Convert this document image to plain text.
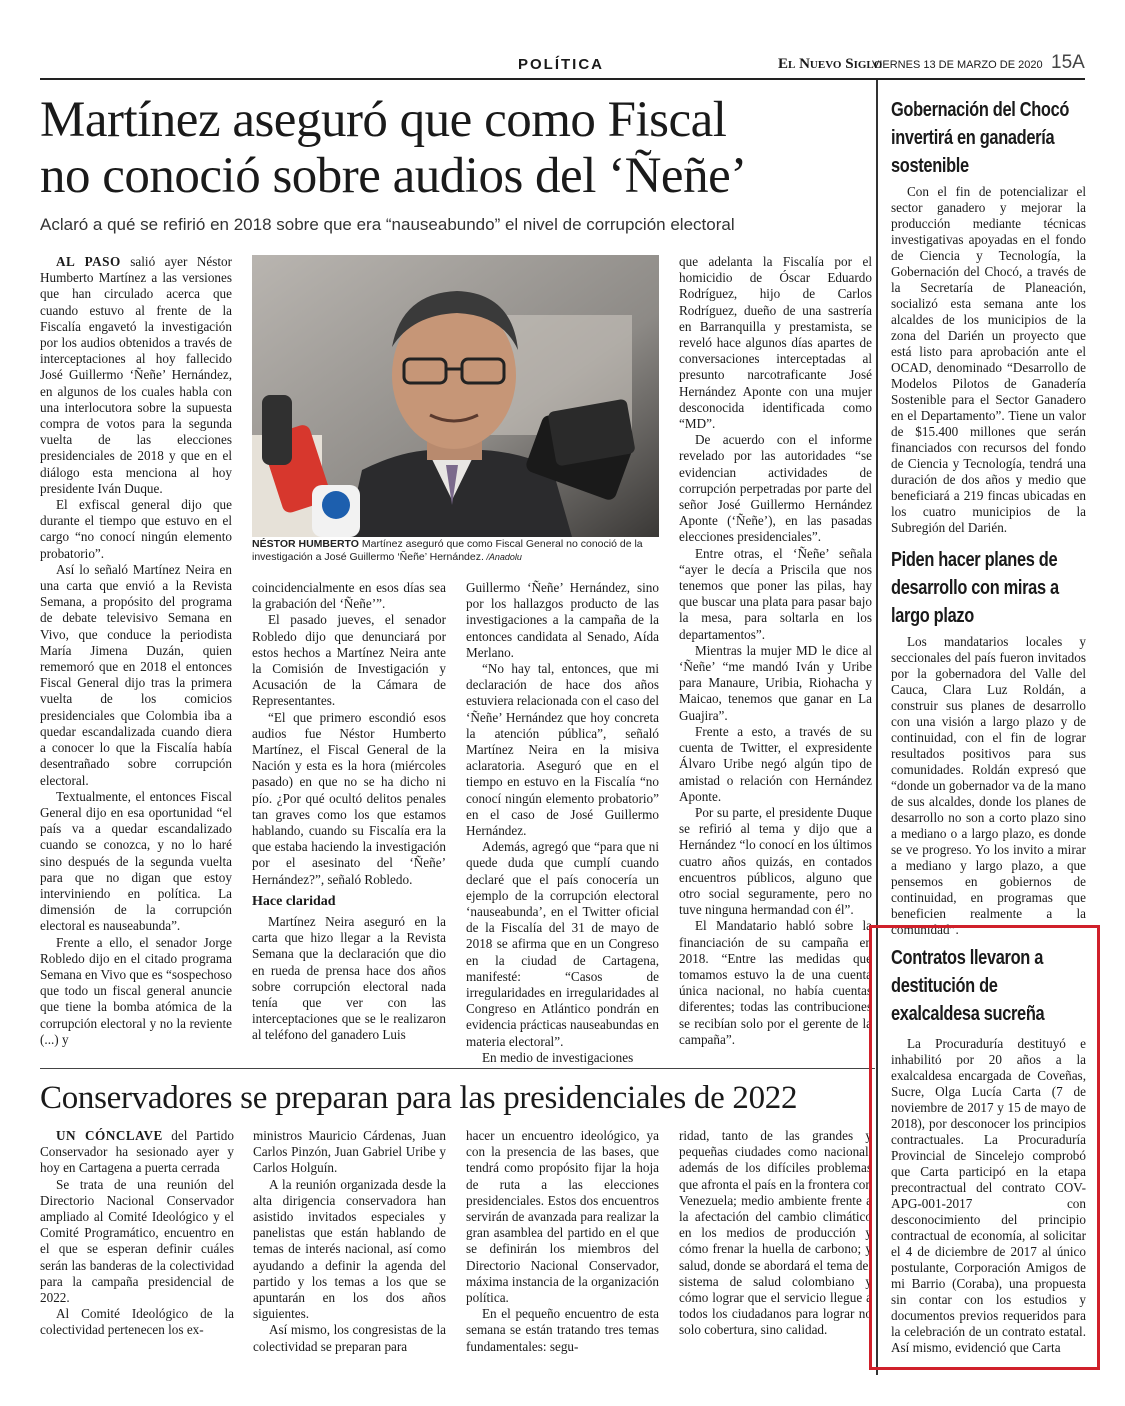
POLÍTICA	El Nuevo Siglo
VIERNES 13 DE MARZO DE 2020 15A
Martínez aseguró que como Fiscal
no conoció sobre audios del ‘Ñeñe’
Aclaró a qué se refirió en 2018 sobre que era “nauseabundo” el nivel de corrupción electoral
NÉSTOR HUMBERTO Martínez aseguró que como Fiscal General no conoció de la investigación a José Guillermo ‘Ñeñe’ Hernández. /Anadolu

AL PASO salió ayer Néstor Humberto Martínez a las versiones que han circulado acerca que cuando estuvo al frente de la Fiscalía engavetó la investigación por los audios obtenidos a través de interceptaciones al hoy fallecido José Guillermo ‘Ñeñe’ Hernández, en algunos de los cuales habla con una interlocutora sobre la supuesta compra de votos para la segunda vuelta de las elecciones presidenciales de 2018 y que en el diálogo esta menciona al hoy presidente Iván Duque.

El exfiscal general dijo que durante el tiempo que estuvo en el cargo “no conocí ningún elemento probatorio”.

Así lo señaló Martínez Neira en una carta que envió a la Revista Semana, a propósito del programa de debate televisivo Semana en Vivo, que conduce la periodista María Jimena Duzán, quien rememoró que en 2018 el entonces Fiscal General dijo tras la primera vuelta de los comicios presidenciales que Colombia iba a quedar escandalizada cuando diera a conocer lo que la Fiscalía había desentrañado sobre corrupción electoral.

Textualmente, el entonces Fiscal General dijo en esa oportunidad “el país va a quedar escandalizado cuando se conozca, y no lo haré sino después de la segunda vuelta para que no digan que estoy interviniendo en política. La dimensión de la corrupción electoral es nauseabunda”.

Frente a ello, el senador Jorge Robledo dijo en el citado programa Semana en Vivo que es “sospechoso que todo un fiscal general anuncie que tiene la bomba atómica de la corrupción electoral y no la reviente (...) y

coincidencialmente en esos días sea la grabación del ‘Ñeñe’”.

El pasado jueves, el senador Robledo dijo que denunciará por estos hechos a Martínez Neira ante la Comisión de Investigación y Acusación de la Cámara de Representantes.

“El que primero escondió esos audios fue Néstor Humberto Martínez, el Fiscal General de la Nación y esta es la hora (miércoles pasado) en que no se ha dicho ni pío. ¿Por qué ocultó delitos penales tan graves como los que estamos hablando, cuando su Fiscalía era la que estaba haciendo la investigación por el asesinato del ‘Ñeñe’ Hernández?”, señaló Robledo.

Hace claridad

Martínez Neira aseguró en la carta que hizo llegar a la Revista Semana que la declaración que dio en rueda de prensa hace dos años sobre corrupción electoral nada tenía que ver con las interceptaciones que se le realizaron al teléfono del ganadero Luis

Guillermo ‘Ñeñe’ Hernández, sino por los hallazgos producto de las investigaciones a la campaña de la entonces candidata al Senado, Aída Merlano.

“No hay tal, entonces, que mi declaración de hace dos años estuviera relacionada con el caso del ‘Ñeñe’ Hernández que hoy concreta la atención pública”, señaló Martínez Neira en la misiva aclaratoria. Aseguró que en el tiempo en estuvo en la Fiscalía “no conocí ningún elemento probatorio” en el caso de José Guillermo Hernández.

Además, agregó que “para que ni quede duda que cumplí cuando declaré que el país conocería un ejemplo de la corrupción electoral ‘nauseabunda’, en el Twitter oficial de la Fiscalía del 31 de mayo de 2018 se afirma que en un Congreso en la ciudad de Cartagena, manifesté: “Casos de irregularidades en irregularidades al Congreso en Atlántico pondrán en evidencia prácticas nauseabundas en materia electoral”.

En medio de investigaciones

que adelanta la Fiscalía por el homicidio de Óscar Eduardo Rodríguez, hijo de Carlos Rodríguez, dueño de una sastrería en Barranquilla y prestamista, se reveló hace algunos días apartes de conversaciones interceptadas al presunto narcotraficante José Hernández Aponte con una mujer desconocida identificada como “MD”.

De acuerdo con el informe revelado por las autoridades “se evidencian actividades de corrupción perpetradas por parte del señor José Guillermo Hernández Aponte (‘Ñeñe’), en las pasadas elecciones presidenciales”.

Entre otras, el ‘Ñeñe’ señala “ayer le decía a Priscila que nos tenemos que poner las pilas, hay que buscar una plata para pasar bajo la mesa, para soltarla en los departamentos”.

Mientras la mujer MD le dice al ‘Ñeñe’ “me mandó Iván y Uribe para Manaure, Uribia, Riohacha y Maicao, tenemos que ganar en La Guajira”.

Frente a esto, a través de su cuenta de Twitter, el expresidente Álvaro Uribe negó algún tipo de amistad o relación con Hernández Aponte.

Por su parte, el presidente Duque se refirió al tema y dijo que a Hernández “lo conocí en los últimos cuatro años quizás, en contados encuentros públicos, alguno que otro social seguramente, pero no tuve ninguna hermandad con él”.

El Mandatario habló sobre la financiación de su campaña en 2018. “Entre las medidas que tomamos estuvo la de una cuenta única nacional, no había cuentas diferentes; todas las contribuciones se recibían solo por el gerente de la campaña”.

Conservadores se preparan para las presidenciales de 2022

UN CÓNCLAVE del Partido Conservador ha sesionado ayer y hoy en Cartagena a puerta cerrada

Se trata de una reunión del Directorio Nacional Conservador ampliado al Comité Ideológico y el Comité Programático, encuentro en el que se esperan definir cuáles serán las banderas de la colectividad para la campaña presidencial de 2022.

Al Comité Ideológico de la colectividad pertenecen los ex-

ministros Mauricio Cárdenas, Juan Carlos Pinzón, Juan Gabriel Uribe y Carlos Holguín.

A la reunión organizada desde la alta dirigencia conservadora han asistido invitados especiales y panelistas que están hablando de temas de interés nacional, así como ayudando a definir la agenda del partido y los temas a los que se apuntarán en los dos años siguientes.

Así mismo, los congresistas de la colectividad se preparan para

hacer un encuentro ideológico, ya con la presencia de las bases, que tendrá como propósito fijar la hoja de ruta a las elecciones presidenciales. Estos dos encuentros servirán de avanzada para realizar la gran asamblea del partido en el que se definirán los miembros del Directorio Nacional Conservador, máxima instancia de la organización política.

En el pequeño encuentro de esta semana se están tratando tres temas fundamentales: segu-

ridad, tanto de las grandes y pequeñas ciudades como nacional, además de los difíciles problemas que afronta el país en la frontera con Venezuela; medio ambiente frente a la afectación del cambio climático en los medios de producción y cómo frenar la huella de carbono; y salud, donde se abordará el tema del sistema de salud colombiano y cómo lograr que el servicio llegue a todos los ciudadanos para lograr no solo cobertura, sino calidad.

Gobernación del Chocó invertirá en ganadería sostenible

Con el fin de potencializar el sector ganadero y mejorar la producción mediante técnicas investigativas apoyadas en el fondo de Ciencia y Tecnología, la Gobernación del Chocó, a través de la Secretaría de Planeación, socializó esta semana ante los alcaldes de los municipios de la zona del Darién un proyecto que está listo para aprobación ante el OCAD, denominado “Desarrollo de Modelos Pilotos de Ganadería Sostenible para el Sector Ganadero en el Departamento”. Tiene un valor de $15.400 millones que serán financiados con recursos del fondo de Ciencia y Tecnología, tendrá una duración de dos años y medio que beneficiará a 219 fincas ubicadas en los cuatro municipios de la Subregión del Darién.

Piden hacer planes de desarrollo con miras a largo plazo

Los mandatarios locales y seccionales del país fueron invitados por la gobernadora del Valle del Cauca, Clara Luz Roldán, a construir sus planes de desarrollo con una visión a largo plazo y de continuidad, con el fin de lograr resultados positivos para sus comunidades. Roldán expresó que “donde un gobernador va de la mano de sus alcaldes, donde los planes de desarrollo no son a corto plazo sino a mediano o a largo plazo, es donde se ve progreso. Yo los invito a mirar a mediano y largo plazo, a que pensemos en gobiernos de continuidad, en programas que beneficien realmente a la comunidad”.

Contratos llevaron a destitución de exalcaldesa sucreña

La Procuraduría destituyó e inhabilitó por 20 años a la exalcaldesa encargada de Coveñas, Sucre, Olga Lucía Carta (7 de noviembre de 2017 y 15 de mayo de 2018), por desconocer los principios contractuales. La Procuraduría Provincial de Sincelejo comprobó que Carta participó en la etapa precontractual del contrato COV-APG-001-2017 con desconocimiento del principio contractual de economía, al solicitar el 4 de diciembre de 2017 al único postulante, Corporación Amigos de mi Barrio (Coraba), una propuesta sin contar con los estudios y documentos previos requeridos para la celebración de un contrato estatal. Así mismo, evidenció que Carta
